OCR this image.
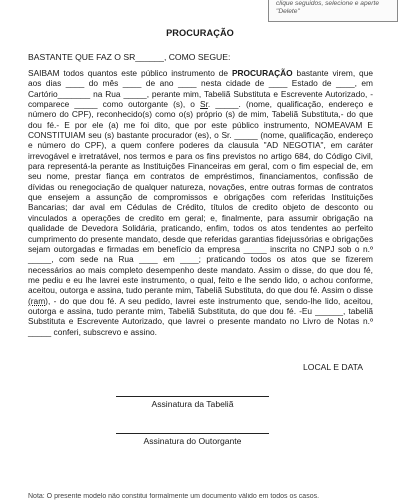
clique seguidos, selecione e aperte "Delete"
PROCURAÇÃO
BASTANTE QUE FAZ O SR______, COMO SEGUE:
SAIBAM todos quantos este público instrumento de PROCURAÇÃO bastante virem, que aos dias ____ do mês ____ de ano ____ nesta cidade de ____ Estado de ____, em Cartório_______ na Rua _____, perante mim, Tabeliã Substituta e Escrevente Autorizado, - comparece _____ como outorgante (s), o Sr. _____. (nome, qualificação, endereço e número do CPF), reconhecido(s) como o(s) próprio (s) de mim, Tabeliã Substituta,- do que dou fé.- E por ele (a) me foi dito, que por este público instrumento, NOMEAVAM E CONSTITUIAM seu (s) bastante procurador (es), o Sr. _____ (nome, qualificação, endereço e número do CPF), a quem confere poderes da clausula "AD NEGOTIA", em caráter irrevogável e irretratável, nos termos e para os fins previstos no artigo 684, do Código Civil, para representá-la perante as Instituições Financeiras em geral, com o fim especial de, em seu nome, prestar fiança em contratos de empréstimos, financiamentos, confissão de dívidas ou renegociação de qualquer natureza, novações, entre outras formas de contratos que ensejem a assunção de compromissos e obrigações com referidas Instituições Bancarias; dar aval em Cédulas de Crédito, títulos de credito objeto de desconto ou vinculados a operações de credito em geral; e, finalmente, para assumir obrigação na qualidade de Devedora Solidária, praticando, enfim, todos os atos tendentes ao perfeito cumprimento do presente mandato, desde que referidas garantias fidejussórias e obrigações sejam outorgadas e firmadas em benefício da empresa _____ inscrita no CNPJ sob o n.º _____, com sede na Rua ____ em ____; praticando todos os atos que se fizerem necessários ao mais completo desempenho deste mandato. Assim o disse, do que dou fé, me pediu e eu lhe lavrei este instrumento, o qual, feito e lhe sendo lido, o achou conforme, aceitou, outorga e assina, tudo perante mim, Tabeliã Substituta, do que dou fé. Assim o disse (ram), - do que dou fé. A seu pedido, lavrei este instrumento que, sendo-lhe lido, aceitou, outorga e assina, tudo perante mim, Tabeliã Substituta, do que dou fé. -Eu ______, tabeliã Substituta e Escrevente Autorizado, que lavrei o presente mandato no Livro de Notas n.º _____ conferi, subscrevo e assino.
LOCAL E DATA
Assinatura da Tabeliã
Assinatura do Outorgante
Nota: O presente modelo não constitui formalmente um documento válido em todos os casos.
